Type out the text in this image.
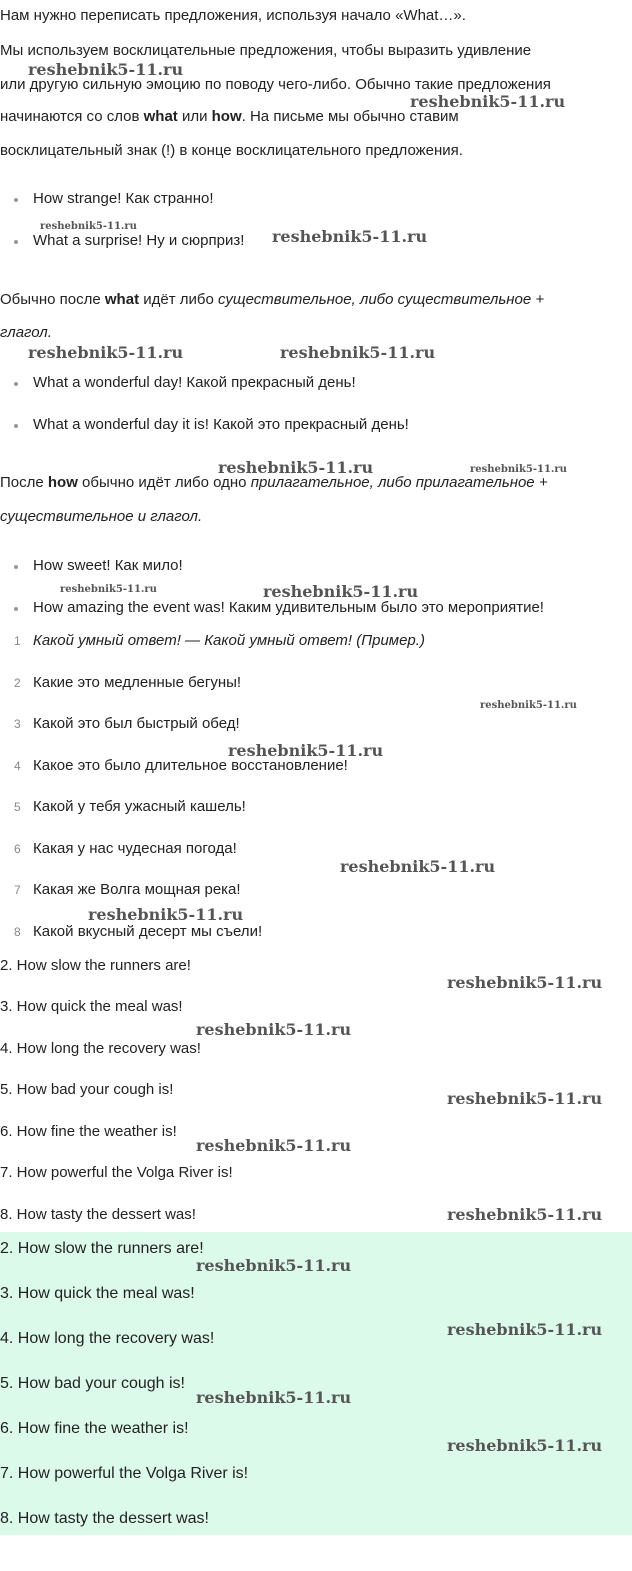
Нам нужно переписать предложения, используя начало «What…».
Мы используем восклицательные предложения, чтобы выразить удивление
или другую сильную эмоцию по поводу чего-либо. Обычно такие предложения
начинаются со слов what или how. На письме мы обычно ставим
восклицательный знак (!) в конце восклицательного предложения.
How strange! Как странно!
What a surprise! Ну и сюрприз!
Обычно после what идёт либо существительное, либо существительное +
глагол.
What a wonderful day! Какой прекрасный день!
What a wonderful day it is! Какой это прекрасный день!
После how обычно идёт либо одно прилагательное, либо прилагательное +
существительное и глагол.
How sweet! Как мило!
How amazing the event was! Каким удивительным было это мероприятие!
1 Какой умный ответ! — Какой умный ответ! (Пример.)
2 Какие это медленные бегуны!
3 Какой это был быстрый обед!
4 Какое это было длительное восстановление!
5 Какой у тебя ужасный кашель!
6 Какая у нас чудесная погода!
7 Какая же Волга мощная река!
8 Какой вкусный десерт мы съели!
2. How slow the runners are!
3. How quick the meal was!
4. How long the recovery was!
5. How bad your cough is!
6. How fine the weather is!
7. How powerful the Volga River is!
8. How tasty the dessert was!
2. How slow the runners are!
3. How quick the meal was!
4. How long the recovery was!
5. How bad your cough is!
6. How fine the weather is!
7. How powerful the Volga River is!
8. How tasty the dessert was!
reshebnik5-11.ru
reshebnik5-11.ru
reshebnik5-11.ru
reshebnik5-11.ru
reshebnik5-11.ru	reshebnik5-11.ru
reshebnik5-11.ru	reshebnik5-11.ru
reshebnik5-11.ru	reshebnik5-11.ru
reshebnik5-11.ru
reshebnik5-11.ru
reshebnik5-11.ru
reshebnik5-11.ru
reshebnik5-11.ru
reshebnik5-11.ru
reshebnik5-11.ru
reshebnik5-11.ru
reshebnik5-11.ru
reshebnik5-11.ru
reshebnik5-11.ru
reshebnik5-11.ru
reshebnik5-11.ru
